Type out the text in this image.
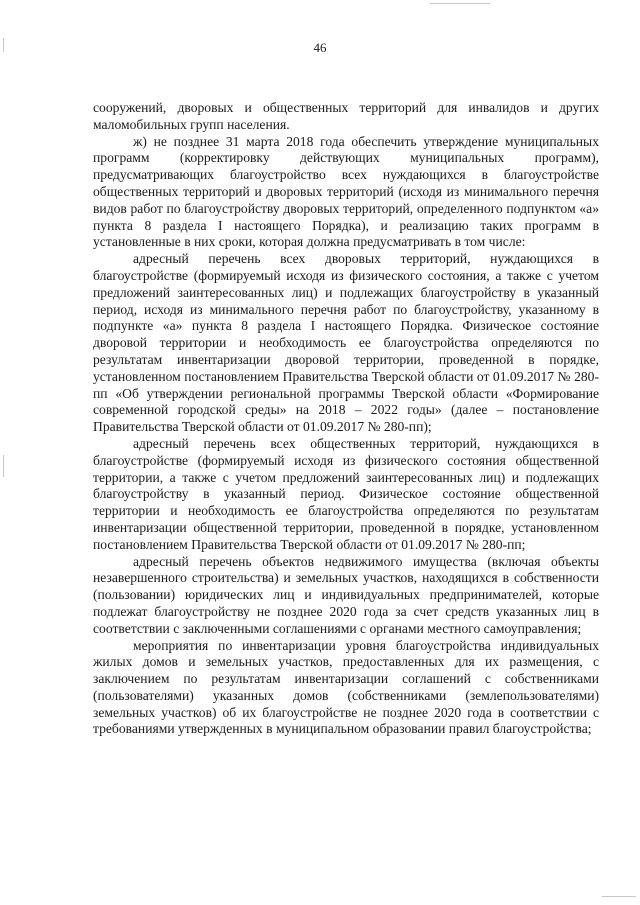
46

сооружений, дворовых и общественных территорий для инвалидов и других маломобильных групп населения.

ж) не позднее 31 марта 2018 года обеспечить утверждение муниципальных программ (корректировку действующих муниципальных программ), предусматривающих благоустройство всех нуждающихся в благоустройстве общественных территорий и дворовых территорий (исходя из минимального перечня видов работ по благоустройству дворовых территорий, определенного подпунктом «а» пункта 8 раздела I настоящего Порядка), и реализацию таких программ в установленные в них сроки, которая должна предусматривать в том числе:

адресный перечень всех дворовых территорий, нуждающихся в благоустройстве (формируемый исходя из физического состояния, а также с учетом предложений заинтересованных лиц) и подлежащих благоустройству в указанный период, исходя из минимального перечня работ по благоустройству, указанному в подпункте «а» пункта 8 раздела I настоящего Порядка. Физическое состояние дворовой территории и необходимость ее благоустройства определяются по результатам инвентаризации дворовой территории, проведенной в порядке, установленном постановлением Правительства Тверской области от 01.09.2017 № 280-пп «Об утверждении региональной программы Тверской области «Формирование современной городской среды» на 2018 – 2022 годы» (далее – постановление Правительства Тверской области от 01.09.2017 № 280-пп);

адресный перечень всех общественных территорий, нуждающихся в благоустройстве (формируемый исходя из физического состояния общественной территории, а также с учетом предложений заинтересованных лиц) и подлежащих благоустройству в указанный период. Физическое состояние общественной территории и необходимость ее благоустройства определяются по результатам инвентаризации общественной территории, проведенной в порядке, установленном постановлением Правительства Тверской области от 01.09.2017 № 280-пп;

адресный перечень объектов недвижимого имущества (включая объекты незавершенного строительства) и земельных участков, находящихся в собственности (пользовании) юридических лиц и индивидуальных предпринимателей, которые подлежат благоустройству не позднее 2020 года за счет средств указанных лиц в соответствии с заключенными соглашениями с органами местного самоуправления;

мероприятия по инвентаризации уровня благоустройства индивидуальных жилых домов и земельных участков, предоставленных для их размещения, с заключением по результатам инвентаризации соглашений с собственниками (пользователями) указанных домов (собственниками (землепользователями) земельных участков) об их благоустройстве не позднее 2020 года в соответствии с требованиями утвержденных в муниципальном образовании правил благоустройства;
